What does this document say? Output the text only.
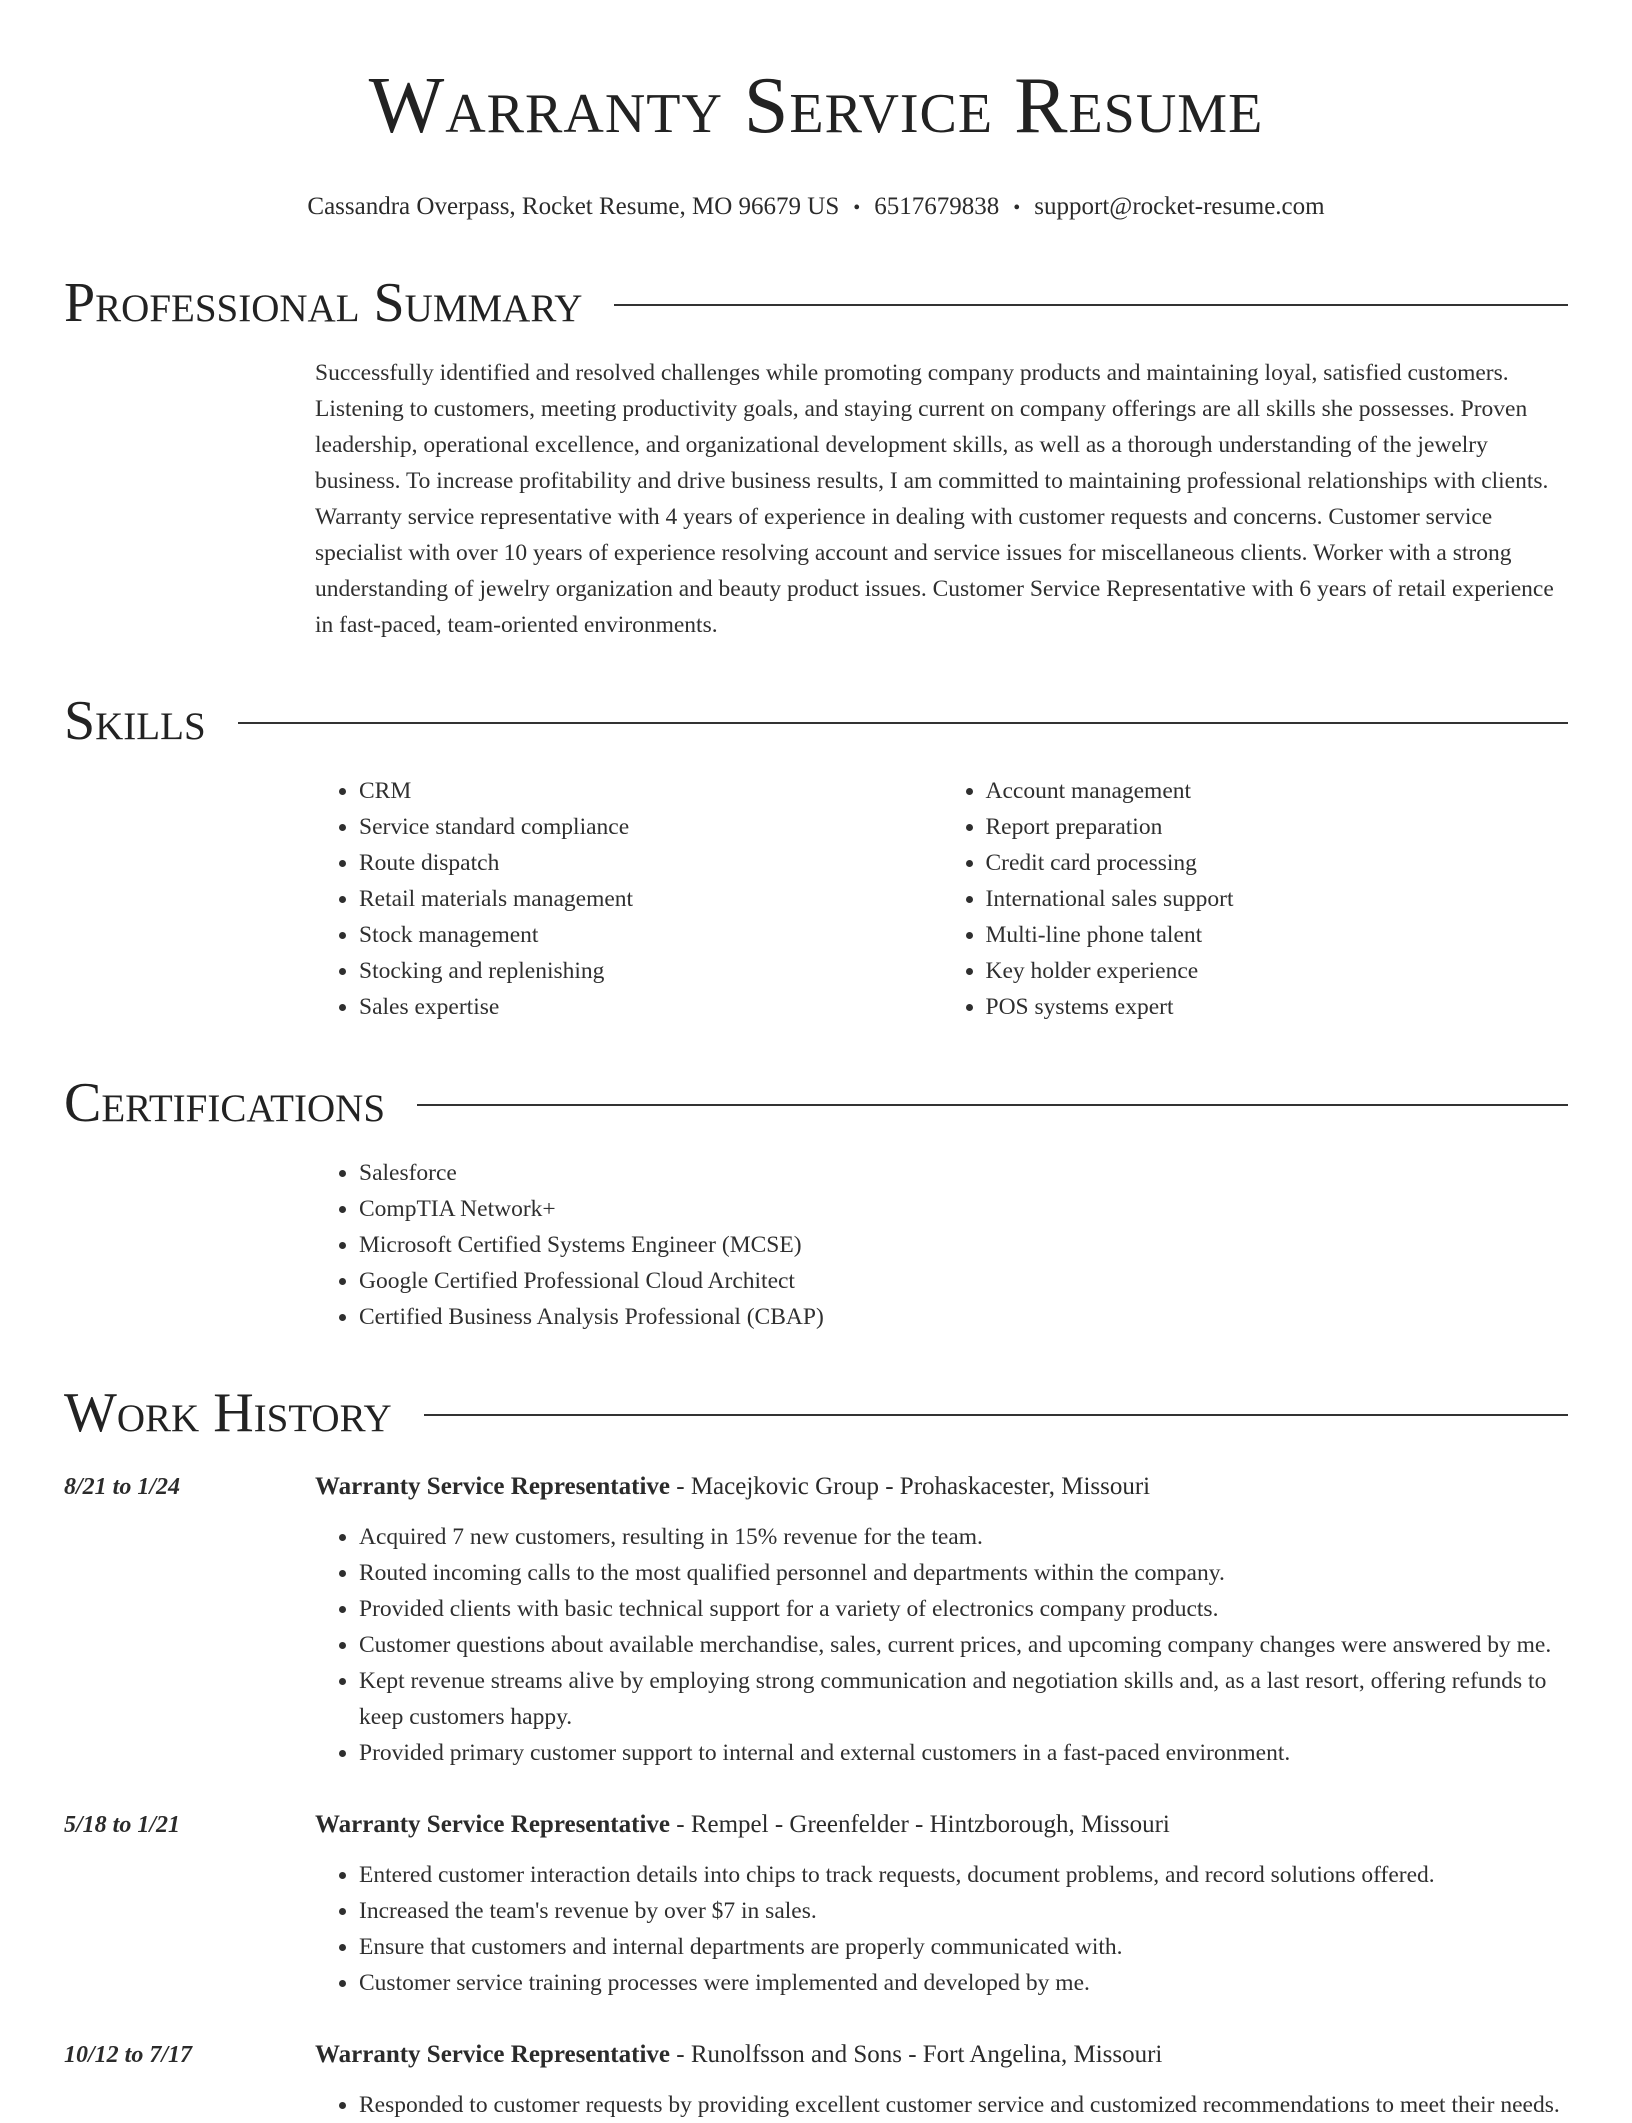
Warranty Service Resume
Cassandra Overpass, Rocket Resume, MO 96679 US • 6517679838 • support@rocket-resume.com
Professional Summary
Successfully identified and resolved challenges while promoting company products and maintaining loyal, satisfied customers. Listening to customers, meeting productivity goals, and staying current on company offerings are all skills she possesses. Proven leadership, operational excellence, and organizational development skills, as well as a thorough understanding of the jewelry business. To increase profitability and drive business results, I am committed to maintaining professional relationships with clients. Warranty service representative with 4 years of experience in dealing with customer requests and concerns. Customer service specialist with over 10 years of experience resolving account and service issues for miscellaneous clients. Worker with a strong understanding of jewelry organization and beauty product issues. Customer Service Representative with 6 years of retail experience in fast-paced, team-oriented environments.
Skills
• CRM
• Service standard compliance
• Route dispatch
• Retail materials management
• Stock management
• Stocking and replenishing
• Sales expertise
• Account management
• Report preparation
• Credit card processing
• International sales support
• Multi-line phone talent
• Key holder experience
• POS systems expert
Certifications
• Salesforce
• CompTIA Network+
• Microsoft Certified Systems Engineer (MCSE)
• Google Certified Professional Cloud Architect
• Certified Business Analysis Professional (CBAP)
Work History
8/21 to 1/24	Warranty Service Representative - Macejkovic Group - Prohaskacester, Missouri
• Acquired 7 new customers, resulting in 15% revenue for the team.
• Routed incoming calls to the most qualified personnel and departments within the company.
• Provided clients with basic technical support for a variety of electronics company products.
• Customer questions about available merchandise, sales, current prices, and upcoming company changes were answered by me.
• Kept revenue streams alive by employing strong communication and negotiation skills and, as a last resort, offering refunds to keep customers happy.
• Provided primary customer support to internal and external customers in a fast-paced environment.
5/18 to 1/21	Warranty Service Representative - Rempel - Greenfelder - Hintzborough, Missouri
• Entered customer interaction details into chips to track requests, document problems, and record solutions offered.
• Increased the team's revenue by over $7 in sales.
• Ensure that customers and internal departments are properly communicated with.
• Customer service training processes were implemented and developed by me.
10/12 to 7/17	Warranty Service Representative - Runolfsson and Sons - Fort Angelina, Missouri
• Responded to customer requests by providing excellent customer service and customized recommendations to meet their needs.
